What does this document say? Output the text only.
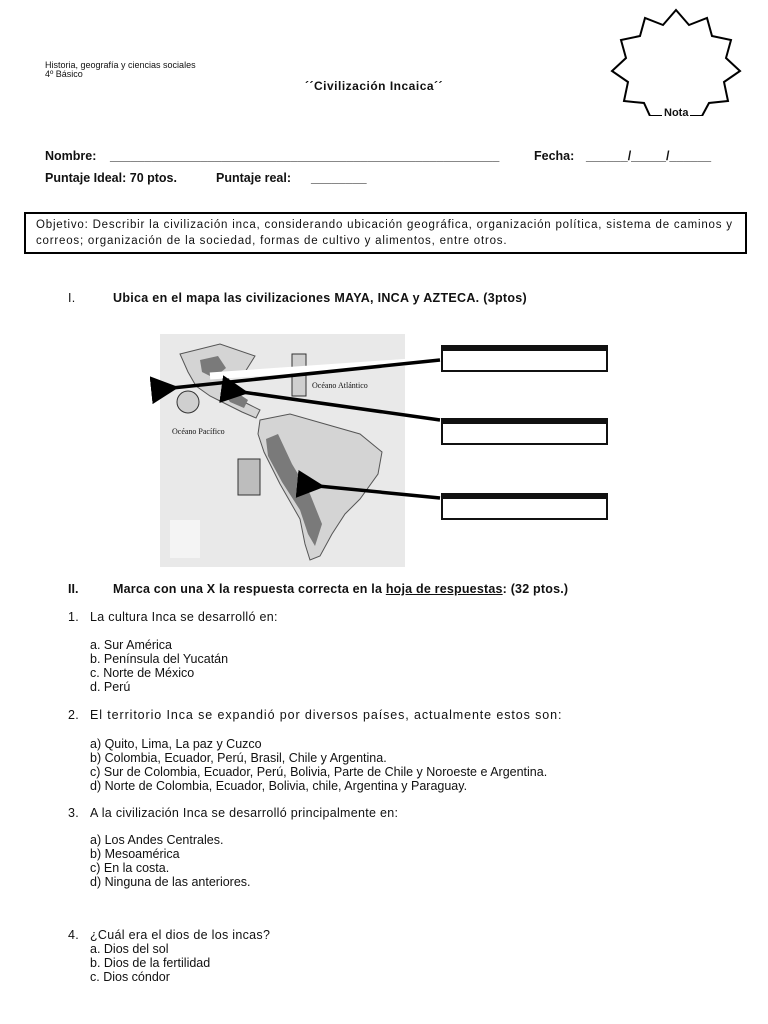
Historia, geografía y ciencias sociales
4º Básico
´´Civilización Incaica´´
Nota
Nombre: ________________________________________________________	Fecha: ______/_____/______
Puntaje Ideal: 70 ptos.	Puntaje real: ________
Objetivo: Describir la civilización inca, considerando ubicación geográfica, organización política, sistema de caminos y correos; organización de la sociedad, formas de cultivo y alimentos, entre otros.
I.	Ubica en el mapa las civilizaciones MAYA, INCA y AZTECA. (3ptos)
Océano Atlántico
Océano Pacífico
II.	Marca con una X la respuesta correcta en la hoja de respuestas: (32 ptos.)
1. La cultura Inca se desarrolló en:
a. Sur América
b. Península del Yucatán
c. Norte de México
d. Perú
2. El territorio Inca se expandió por diversos países, actualmente estos son:
a) Quito, Lima, La paz y Cuzco
b) Colombia, Ecuador, Perú, Brasil, Chile y Argentina.
c) Sur de Colombia, Ecuador, Perú, Bolivia, Parte de Chile y Noroeste e Argentina.
d) Norte de Colombia, Ecuador, Bolivia, chile, Argentina y Paraguay.
3. A la civilización Inca se desarrolló principalmente en:
a) Los Andes Centrales.
b) Mesoamérica
c) En la costa.
d) Ninguna de las anteriores.
4. ¿Cuál era el dios de los incas?
a. Dios del sol
b. Dios de la fertilidad
c. Dios cóndor
